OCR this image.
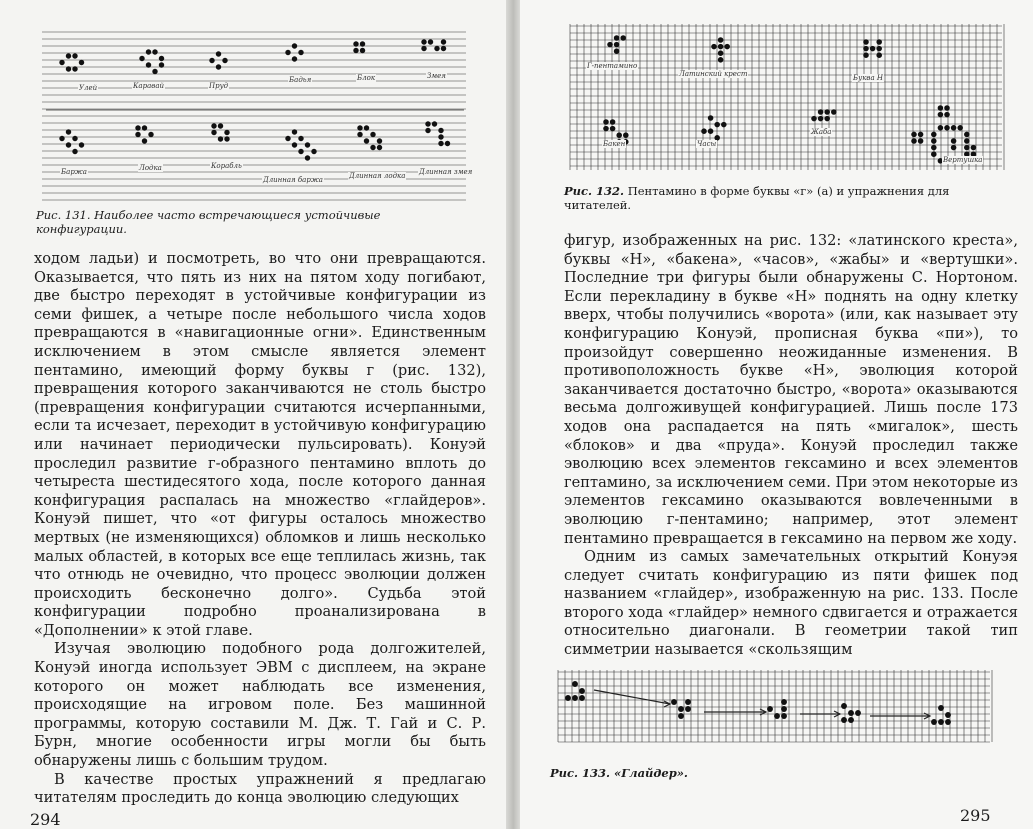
Улей	Каравай	Пруд
Бадья	Блок	Змея
Баржа	Лодка	Корабль
Длинная баржа	Длинная лодка Длинная змея
Рис. 131. Наиболее часто встречающиеся устойчивые конфигурации.

ходом ладьи) и посмотреть, во что они превращаются. Оказывается, что пять из них на пятом ходу погибают, две быстро переходят в устойчивые конфигурации из семи фишек, а четыре после небольшого числа ходов превращаются в «навигационные огни». Единственным исключением в этом смысле является элемент пентамино, имеющий форму буквы г (рис. 132), превращения которого заканчиваются не столь быстро (превращения конфигурации считаются исчерпанными, если та исчезает, переходит в устойчивую конфигурацию или начинает периодически пульсировать). Конуэй проследил развитие г-образного пентамино вплоть до четыреста шестидесятого хода, после которого данная конфигурация распалась на множество «глайдеров». Конуэй пишет, что «от фигуры осталось множество мертвых (не изменяющихся) обломков и лишь несколько малых областей, в которых все еще теплилась жизнь, так что отнюдь не очевидно, что процесс эволюции должен происходить бесконечно долго». Судьба этой конфигурации подробно проанализирована в «Дополнении» к этой главе.

Изучая эволюцию подобного рода долгожителей, Конуэй иногда использует ЭВМ с дисплеем, на экране которого он может наблюдать все изменения, происходящие на игровом поле. Без машинной программы, которую составили М. Дж. Т. Гай и С. Р. Бурн, многие особенности игры могли бы быть обнаружены лишь с большим трудом.

В качестве простых упражнений я предлагаю читателям проследить до конца эволюцию следующих

294
Г-пентамино
Латинский крест	Буква Н
Бакен	Часы
Жаба
Вертушка
Рис. 132. Пентамино в форме буквы «г» (а) и упражнения для читателей.

фигур, изображенных на рис. 132: «латинского креста», буквы «Н», «бакена», «часов», «жабы» и «вертушки». Последние три фигуры были обнаружены С. Нортоном. Если перекладину в букве «Н» поднять на одну клетку вверх, чтобы получились «ворота» (или, как называет эту конфигурацию Конуэй, прописная буква «пи»), то произойдут совершенно неожиданные изменения. В противоположность букве «Н», эволюция которой заканчивается достаточно быстро, «ворота» оказываются весьма долгоживущей конфигурацией. Лишь после 173 ходов она распадается на пять «мигалок», шесть «блоков» и два «пруда». Конуэй проследил также эволюцию всех элементов гексамино и всех элементов гептамино, за исключением семи. При этом некоторые из элементов гексамино оказываются вовлеченными в эволюцию г-пентамино; например, этот элемент пентамино превращается в гексамино на первом же ходу.

Одним из самых замечательных открытий Конуэя следует считать конфигурацию из пяти фишек под названием «глайдер», изображенную на рис. 133. После второго хода «глайдер» немного сдвигается и отражается относительно диагонали. В геометрии такой тип симметрии называется «скользящим

Рис. 133. «Глайдер».
295
